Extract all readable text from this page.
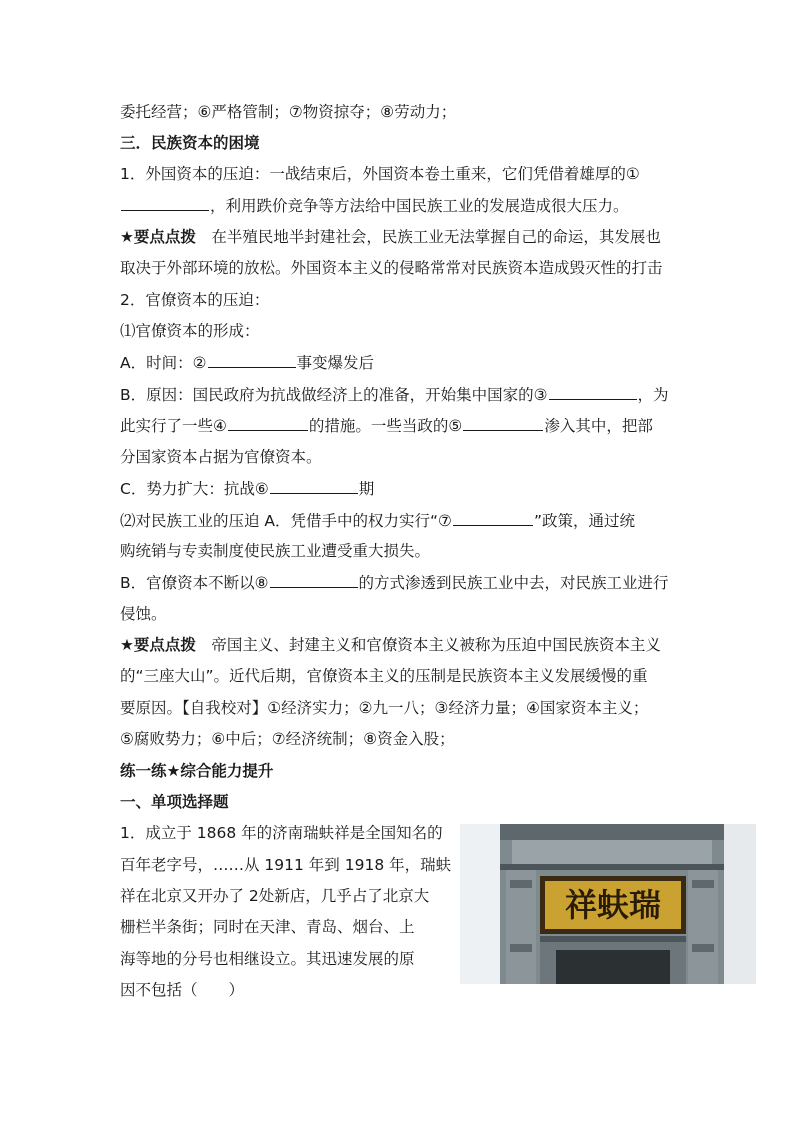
委托经营；⑥严格管制；⑦物资掠夺；⑧劳动力；
三．民族资本的困境
1．外国资本的压迫：一战结束后，外国资本卷土重来，它们凭借着雄厚的①
，利用跌价竞争等方法给中国民族工业的发展造成很大压力。
★要点点拨　在半殖民地半封建社会，民族工业无法掌握自己的命运，其发展也
取决于外部环境的放松。外国资本主义的侵略常常对民族资本造成毁灭性的打击
2．官僚资本的压迫：
⑴官僚资本的形成：
A．时间：②	事变爆发后
B．原因：国民政府为抗战做经济上的准备，开始集中国家的③	，为
此实行了一些④	的措施。一些当政的⑤	渗入其中，把部
分国家资本占据为官僚资本。
C．势力扩大：抗战⑥	期
⑵对民族工业的压迫 A．凭借手中的权力实行“⑦	”政策，通过统
购统销与专卖制度使民族工业遭受重大损失。
B．官僚资本不断以⑧	的方式渗透到民族工业中去，对民族工业进行
侵蚀。
★要点点拨　帝国主义、封建主义和官僚资本主义被称为压迫中国民族资本主义
的“三座大山”。近代后期，官僚资本主义的压制是民族资本主义发展缓慢的重
要原因。【自我校对】①经济实力；②九一八；③经济力量；④国家资本主义；
⑤腐败势力；⑥中后；⑦经济统制；⑧资金入股；
练一练★综合能力提升
一、单项选择题
1．成立于 1868 年的济南瑞蚨祥是全国知名的
百年老字号，……从 1911 年到 1918 年，瑞蚨
祥在北京又开办了 2处新店，几乎占了北京大
栅栏半条街；同时在天津、青岛、烟台、上
海等地的分号也相继设立。其迅速发展的原
因不包括（　　）
祥蚨瑞
